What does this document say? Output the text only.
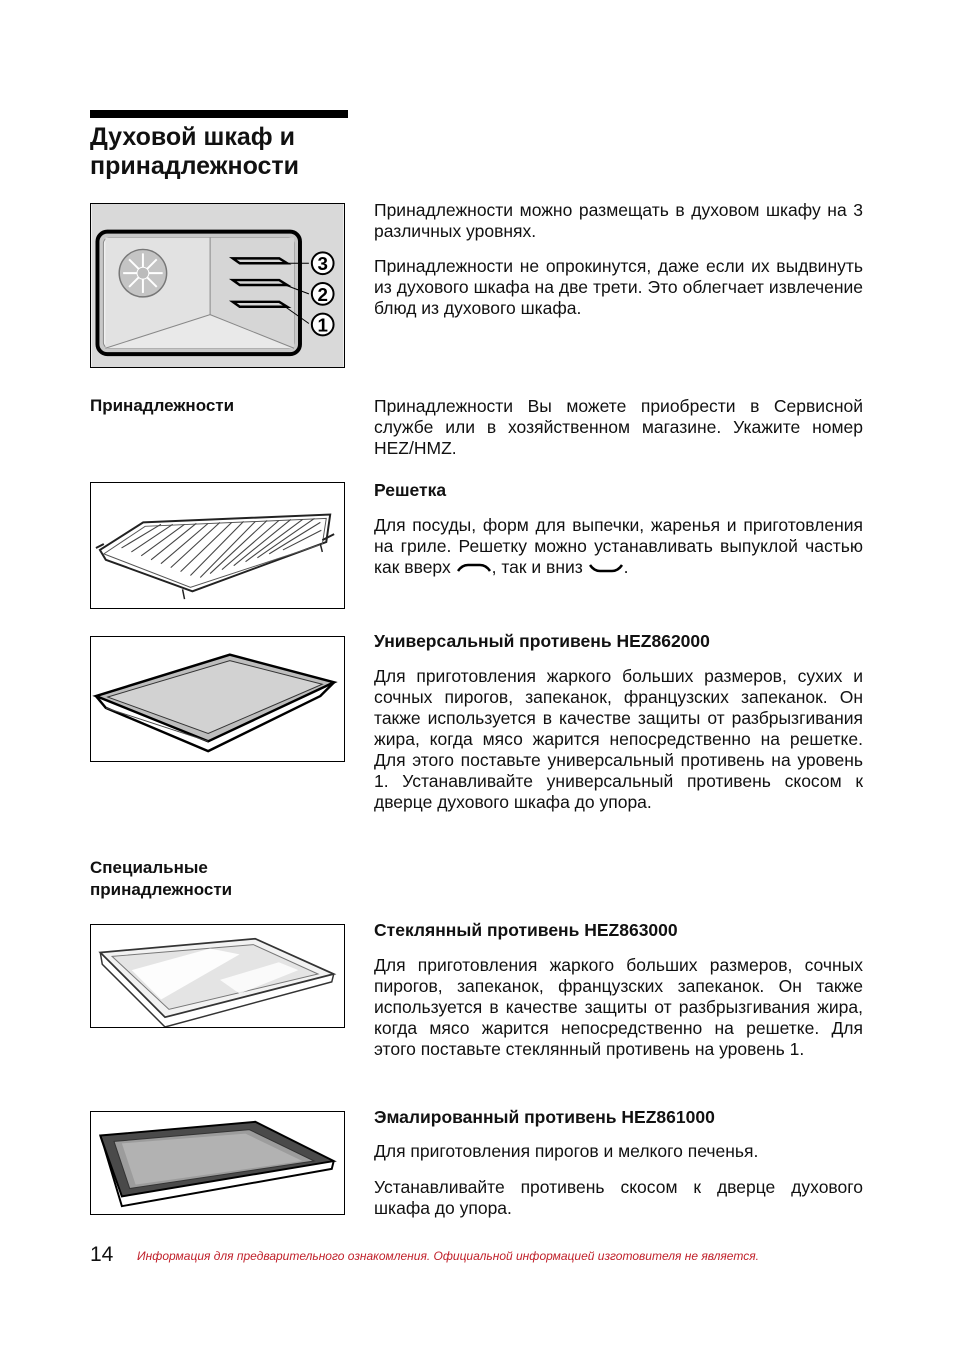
Духовой шкаф и
принадлежности
3
2
1

Принадлежности можно размещать в духовом шкафу на 3 различных уровнях.

Принадлежности не опрокинутся, даже если их выдвинуть из духового шкафа на две трети. Это облегчает извлечение блюд из духового шкафа.

Принадлежности	Принадлежности Вы можете приобрести в Сервисной службе или в хозяйственном магазине. Укажите номер HEZ/HMZ.

Решетка

Для посуды, форм для выпечки, жаренья и приготовления на гриле. Решетку можно устанавливать выпуклой частью как вверх , так и вниз .

Универсальный противень HEZ862000

Для приготовления жаркого больших размеров, сухих и сочных пирогов, запеканок, французских запеканок. Он также используется в качестве защиты от разбрызгивания жира, когда мясо жарится непосредственно на решетке. Для этого поставьте универсальный противень на уровень 1. Устанавливайте универсальный противень скосом к дверце духового шкафа до упора.

Специальные
принадлежности
Стеклянный противень HEZ863000

Для приготовления жаркого больших размеров, сочных пирогов, запеканок, французских запеканок. Он также используется в качестве защиты от разбрызгивания жира, когда мясо жарится непосредственно на решетке. Для этого поставьте стеклянный противень на уровень 1.

Эмалированный противень HEZ861000

Для приготовления пирогов и мелкого печенья.

Устанавливайте противень скосом к дверце духового шкафа до упора.

14 Информация для предварительного ознакомления. Официальной информацией изготовителя не является.
